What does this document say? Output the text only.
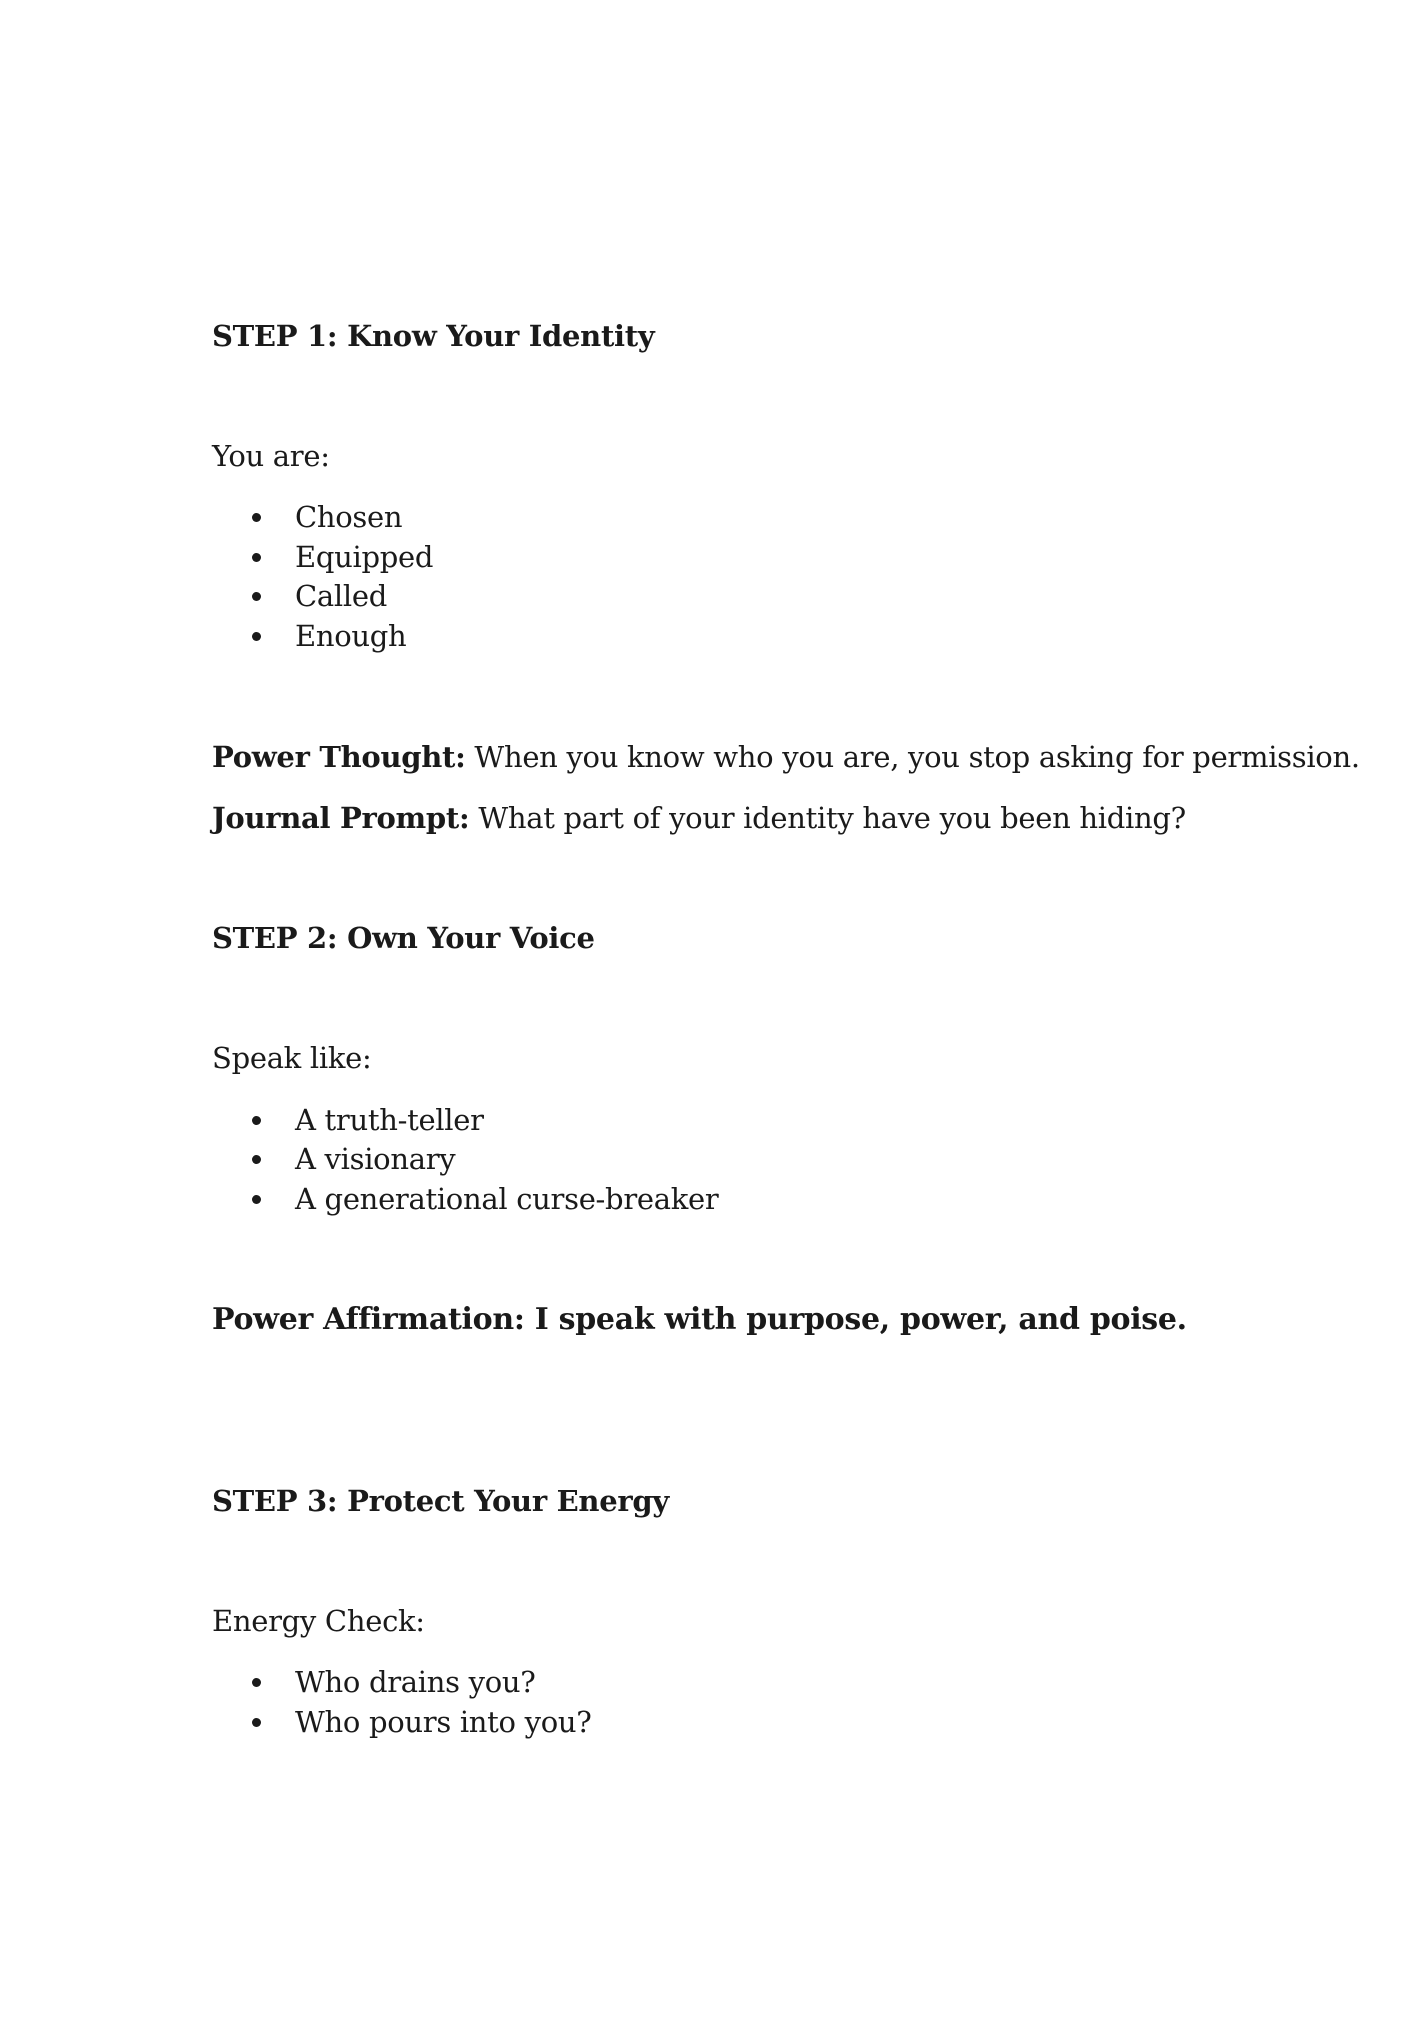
STEP 1: Know Your Identity
You are:
Chosen
Equipped
Called
Enough
Power Thought: When you know who you are, you stop asking for permission.
Journal Prompt: What part of your identity have you been hiding?
STEP 2: Own Your Voice
Speak like:
A truth-teller
A visionary
A generational curse-breaker
Power Affirmation: I speak with purpose, power, and poise.
STEP 3: Protect Your Energy
Energy Check:
Who drains you?
Who pours into you?
